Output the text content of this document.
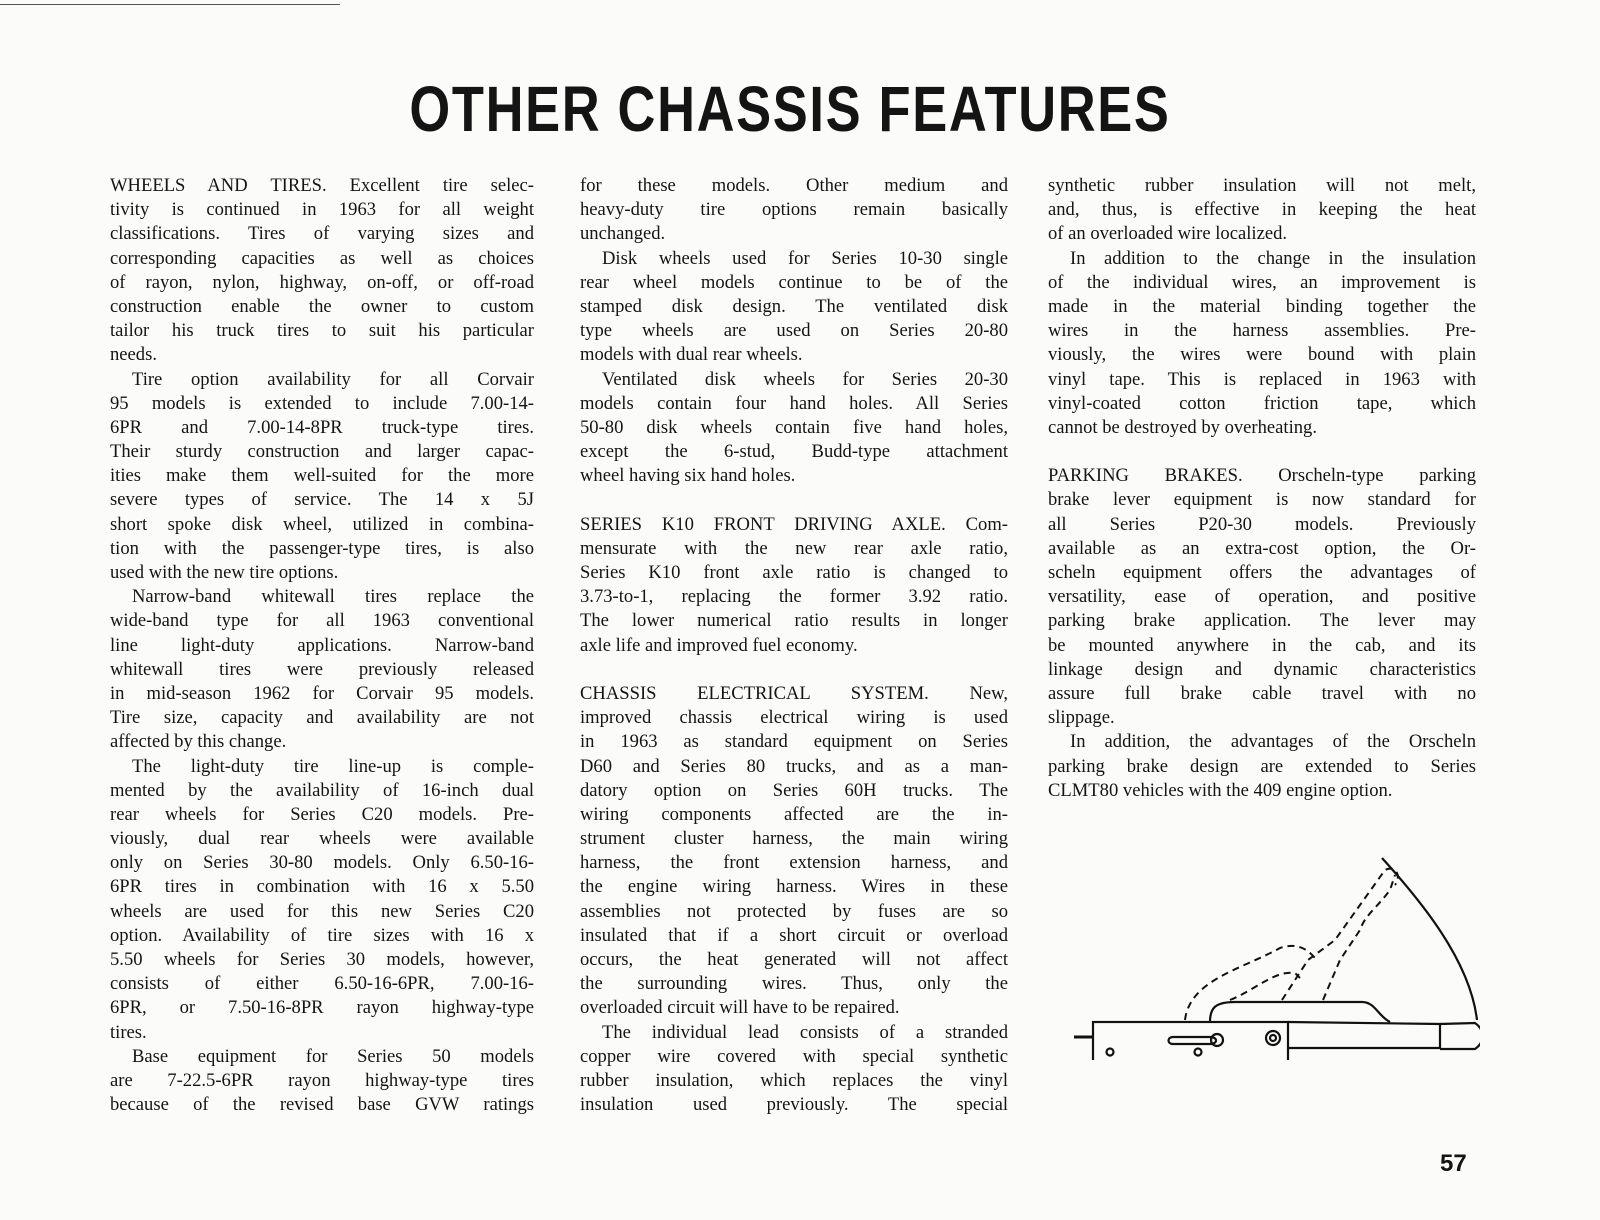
OTHER CHASSIS FEATURES
WHEELS AND TIRES. Excellent tire selec-
tivity is continued in 1963 for all weight
classifications. Tires of varying sizes and
corresponding capacities as well as choices
of rayon, nylon, highway, on-off, or off-road
construction enable the owner to custom
tailor his truck tires to suit his particular
needs.
Tire option availability for all Corvair
95 models is extended to include 7.00-14-
6PR and 7.00-14-8PR truck-type tires.
Their sturdy construction and larger capac-
ities make them well-suited for the more
severe types of service. The 14 x 5J
short spoke disk wheel, utilized in combina-
tion with the passenger-type tires, is also
used with the new tire options.
Narrow-band whitewall tires replace the
wide-band type for all 1963 conventional
line light-duty applications. Narrow-band
whitewall tires were previously released
in mid-season 1962 for Corvair 95 models.
Tire size, capacity and availability are not
affected by this change.
The light-duty tire line-up is comple-
mented by the availability of 16-inch dual
rear wheels for Series C20 models. Pre-
viously, dual rear wheels were available
only on Series 30-80 models. Only 6.50-16-
6PR tires in combination with 16 x 5.50
wheels are used for this new Series C20
option. Availability of tire sizes with 16 x
5.50 wheels for Series 30 models, however,
consists of either 6.50-16-6PR, 7.00-16-
6PR, or 7.50-16-8PR rayon highway-type
tires.
Base equipment for Series 50 models
are 7-22.5-6PR rayon highway-type tires
because of the revised base GVW ratings
for these models. Other medium and
heavy-duty tire options remain basically
unchanged.
Disk wheels used for Series 10-30 single
rear wheel models continue to be of the
stamped disk design. The ventilated disk
type wheels are used on Series 20-80
models with dual rear wheels.
Ventilated disk wheels for Series 20-30
models contain four hand holes. All Series
50-80 disk wheels contain five hand holes,
except the 6-stud, Budd-type attachment
wheel having six hand holes.
SERIES K10 FRONT DRIVING AXLE. Com-
mensurate with the new rear axle ratio,
Series K10 front axle ratio is changed to
3.73-to-1, replacing the former 3.92 ratio.
The lower numerical ratio results in longer
axle life and improved fuel economy.
CHASSIS ELECTRICAL SYSTEM. New,
improved chassis electrical wiring is used
in 1963 as standard equipment on Series
D60 and Series 80 trucks, and as a man-
datory option on Series 60H trucks. The
wiring components affected are the in-
strument cluster harness, the main wiring
harness, the front extension harness, and
the engine wiring harness. Wires in these
assemblies not protected by fuses are so
insulated that if a short circuit or overload
occurs, the heat generated will not affect
the surrounding wires. Thus, only the
overloaded circuit will have to be repaired.
The individual lead consists of a stranded
copper wire covered with special synthetic
rubber insulation, which replaces the vinyl
insulation used previously. The special
synthetic rubber insulation will not melt,
and, thus, is effective in keeping the heat
of an overloaded wire localized.
In addition to the change in the insulation
of the individual wires, an improvement is
made in the material binding together the
wires in the harness assemblies. Pre-
viously, the wires were bound with plain
vinyl tape. This is replaced in 1963 with
vinyl-coated cotton friction tape, which
cannot be destroyed by overheating.
PARKING BRAKES. Orscheln-type parking
brake lever equipment is now standard for
all Series P20-30 models. Previously
available as an extra-cost option, the Or-
scheln equipment offers the advantages of
versatility, ease of operation, and positive
parking brake application. The lever may
be mounted anywhere in the cab, and its
linkage design and dynamic characteristics
assure full brake cable travel with no
slippage.
In addition, the advantages of the Orscheln
parking brake design are extended to Series
CLMT80 vehicles with the 409 engine option.
57
